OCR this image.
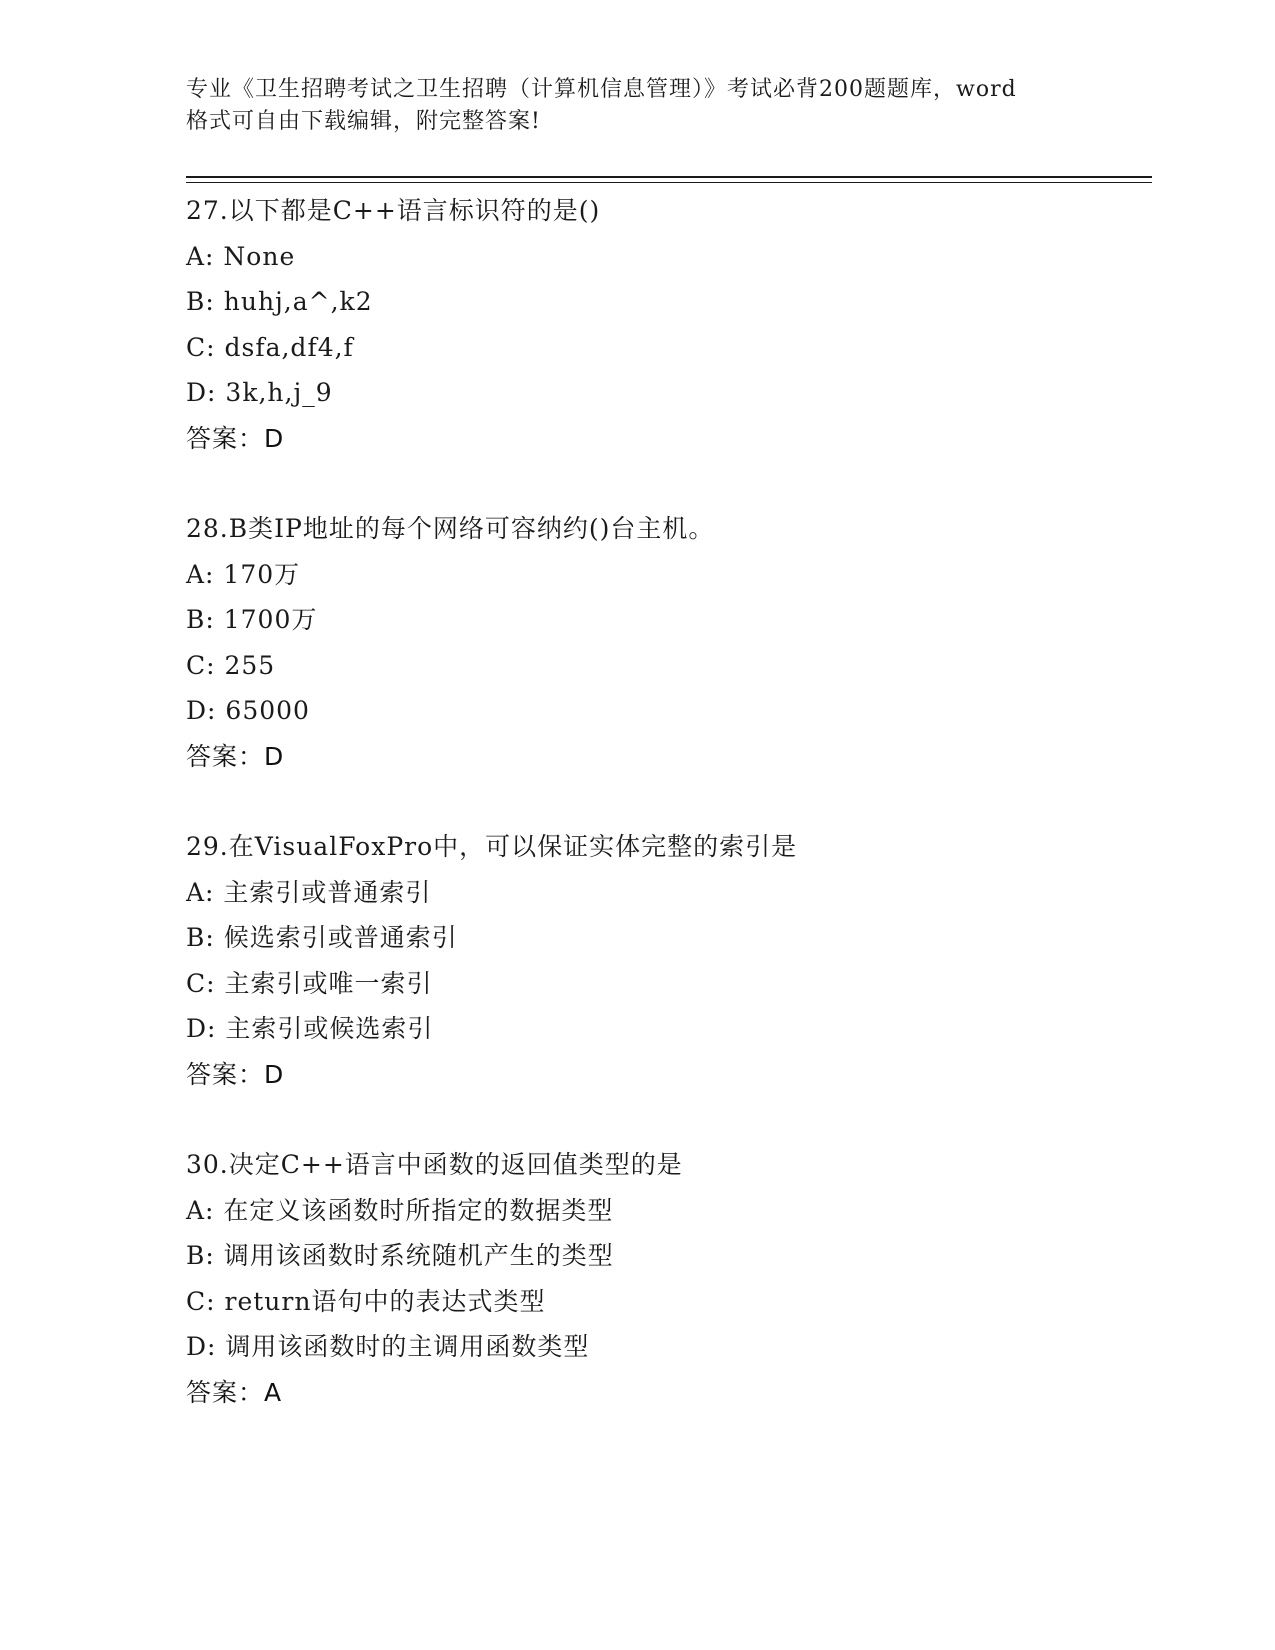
专业《卫生招聘考试之卫生招聘（计算机信息管理）》考试必背200题题库，word
格式可自由下载编辑，附完整答案!
27.以下都是C++语言标识符的是()
A: None
B: huhj,a^,k2
C: dsfa,df4,f
D: 3k,h,j_9
答案：D
28.B类IP地址的每个网络可容纳约()台主机。
A: 170万
B: 1700万
C: 255
D: 65000
答案：D
29.在VisualFoxPro中，可以保证实体完整的索引是
A: 主索引或普通索引
B: 候选索引或普通索引
C: 主索引或唯一索引
D: 主索引或候选索引
答案：D
30.决定C++语言中函数的返回值类型的是
A: 在定义该函数时所指定的数据类型
B: 调用该函数时系统随机产生的类型
C: return语句中的表达式类型
D: 调用该函数时的主调用函数类型
答案：A
